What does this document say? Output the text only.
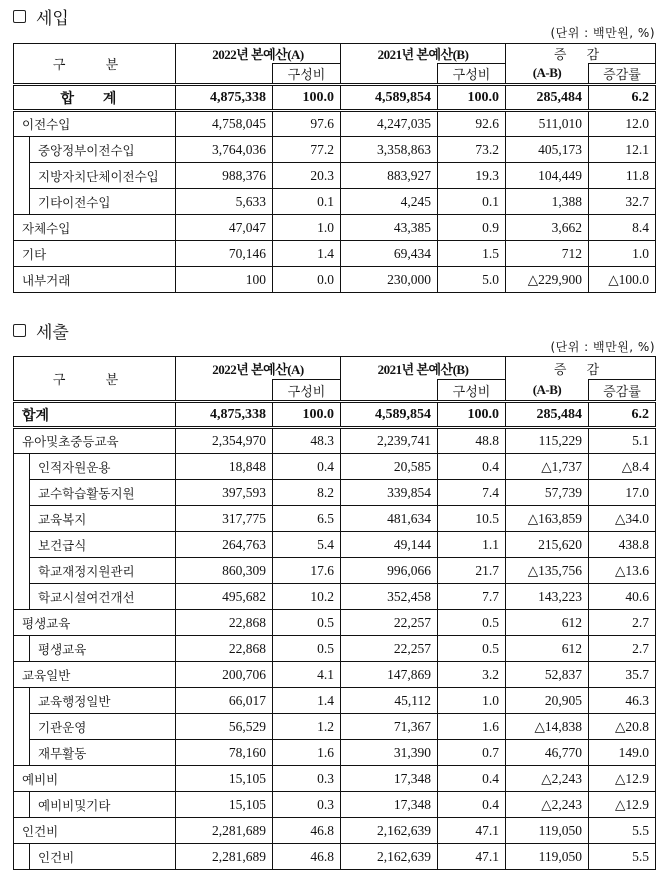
세입
(단위 : 백만원, %)
구 분		2022년 본예산(A)		2021년 본예산(B)		증 감	
			구성비		구성비	(A-B)	증감률
합 계		4,875,338	100.0	4,589,854	100.0	285,484	6.2
이전수입		4,758,045	97.6	4,247,035	92.6	511,010	12.0
	중앙정부이전수입	3,764,036	77.2	3,358,863	73.2	405,173	12.1
	지방자치단체이전수입	988,376	20.3	883,927	19.3	104,449	11.8
	기타이전수입	5,633	0.1	4,245	0.1	1,388	32.7
자체수입		47,047	1.0	43,385	0.9	3,662	8.4
기타		70,146	1.4	69,434	1.5	712	1.0
내부거래		100	0.0	230,000	5.0	△229,900	△100.0
세출
(단위 : 백만원, %)
구 분		2022년 본예산(A)		2021년 본예산(B)		증 감	
			구성비		구성비	(A-B)	증감률
합계		4,875,338	100.0	4,589,854	100.0	285,484	6.2
유아및초중등교육		2,354,970	48.3	2,239,741	48.8	115,229	5.1
	인적자원운용	18,848	0.4	20,585	0.4	△1,737	△8.4
	교수학습활동지원	397,593	8.2	339,854	7.4	57,739	17.0
	교육복지	317,775	6.5	481,634	10.5	△163,859	△34.0
	보건급식	264,763	5.4	49,144	1.1	215,620	438.8
	학교재정지원관리	860,309	17.6	996,066	21.7	△135,756	△13.6
	학교시설여건개선	495,682	10.2	352,458	7.7	143,223	40.6
평생교육		22,868	0.5	22,257	0.5	612	2.7
	평생교육	22,868	0.5	22,257	0.5	612	2.7
교육일반		200,706	4.1	147,869	3.2	52,837	35.7
	교육행정일반	66,017	1.4	45,112	1.0	20,905	46.3
	기관운영	56,529	1.2	71,367	1.6	△14,838	△20.8
	재무활동	78,160	1.6	31,390	0.7	46,770	149.0
예비비		15,105	0.3	17,348	0.4	△2,243	△12.9
	예비비및기타	15,105	0.3	17,348	0.4	△2,243	△12.9
인건비		2,281,689	46.8	2,162,639	47.1	119,050	5.5
	인건비	2,281,689	46.8	2,162,639	47.1	119,050	5.5
